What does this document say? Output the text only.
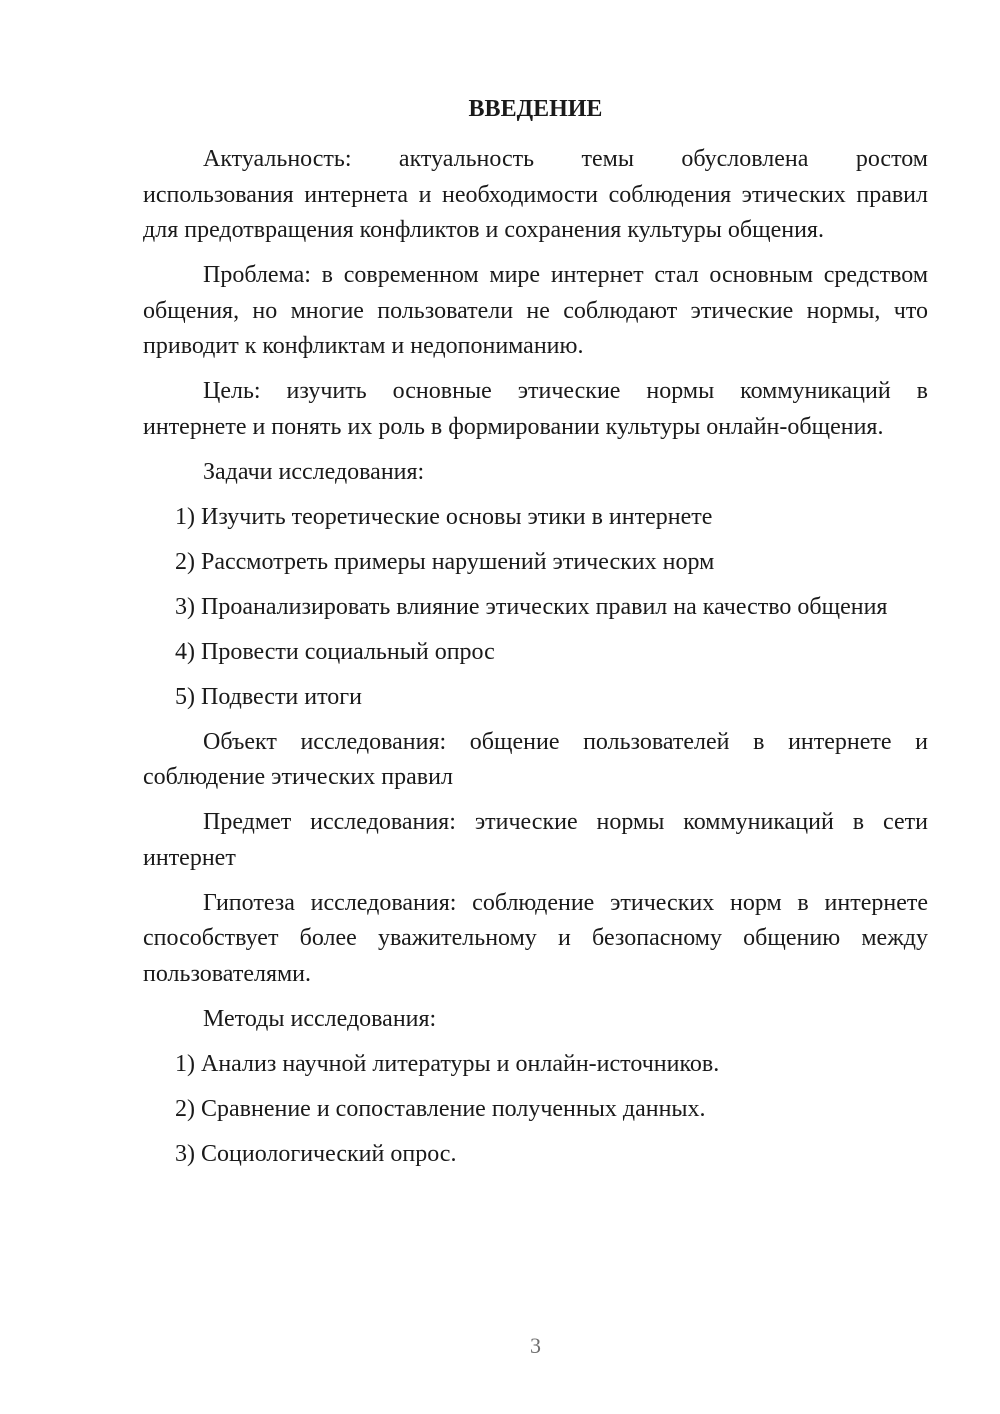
ВВЕДЕНИЕ
Актуальность: актуальность темы обусловлена ростом
использования интернета и необходимости соблюдения этических правил
для предотвращения конфликтов и сохранения культуры общения.
Проблема: в современном мире интернет стал основным средством
общения, но многие пользователи не соблюдают этические нормы, что
приводит к конфликтам и недопониманию.
Цель: изучить основные этические нормы коммуникаций в
интернете и понять их роль в формировании культуры онлайн-общения.
Задачи исследования:
1) Изучить теоретические основы этики в интернете
2) Рассмотреть примеры нарушений этических норм
3) Проанализировать влияние этических правил на качество общения
4) Провести социальный опрос
5) Подвести итоги
Объект исследования: общение пользователей в интернете и
соблюдение этических правил
Предмет исследования: этические нормы коммуникаций в сети
интернет
Гипотеза исследования: соблюдение этических норм в интернете
способствует более уважительному и безопасному общению между
пользователями.
Методы исследования:
1) Анализ научной литературы и онлайн-источников.
2) Сравнение и сопоставление полученных данных.
3) Социологический опрос.
3
